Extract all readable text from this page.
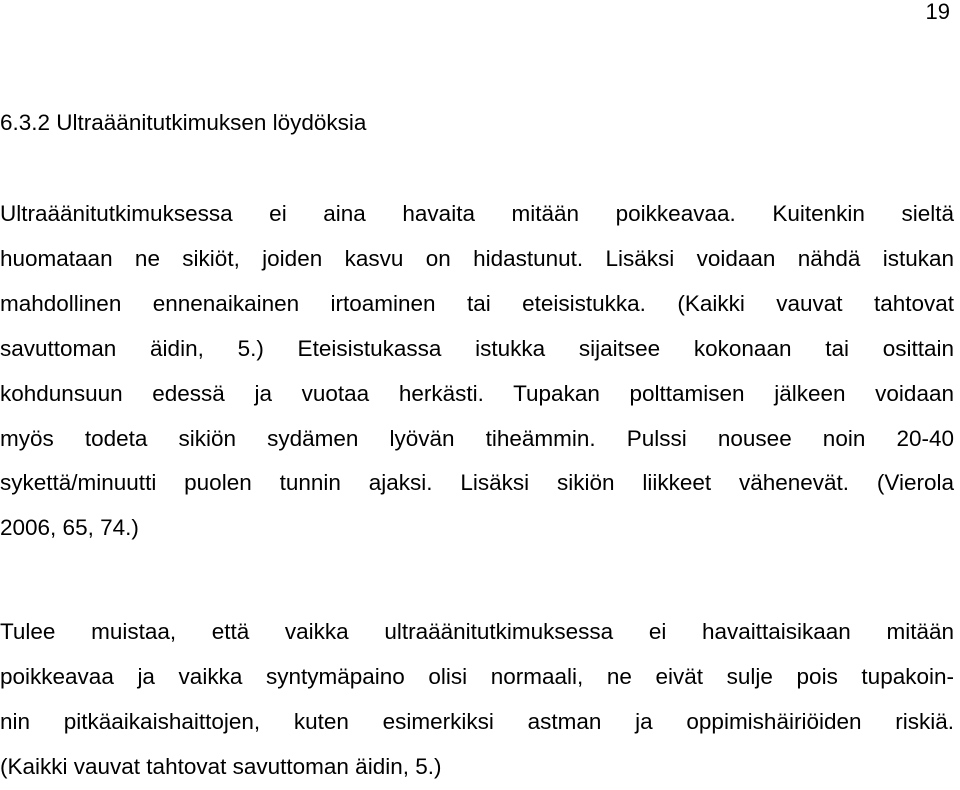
19
6.3.2 Ultraäänitutkimuksen löydöksia

Ultraäänitutkimuksessa ei aina havaita mitään poikkeavaa. Kuitenkin sieltä
huomataan ne sikiöt, joiden kasvu on hidastunut. Lisäksi voidaan nähdä istukan
mahdollinen ennenaikainen irtoaminen tai eteisistukka. (Kaikki vauvat tahtovat
savuttoman äidin, 5.) Eteisistukassa istukka sijaitsee kokonaan tai osittain
kohdunsuun edessä ja vuotaa herkästi. Tupakan polttamisen jälkeen voidaan
myös todeta sikiön sydämen lyövän tiheämmin. Pulssi nousee noin 20-40
sykettä/minuutti puolen tunnin ajaksi. Lisäksi sikiön liikkeet vähenevät. (Vierola
2006, 65, 74.)

Tulee muistaa, että vaikka ultraäänitutkimuksessa ei havaittaisikaan mitään
poikkeavaa ja vaikka syntymäpaino olisi normaali, ne eivät sulje pois tupakoin-
nin pitkäaikaishaittojen, kuten esimerkiksi astman ja oppimishäiriöiden riskiä.
(Kaikki vauvat tahtovat savuttoman äidin, 5.)
